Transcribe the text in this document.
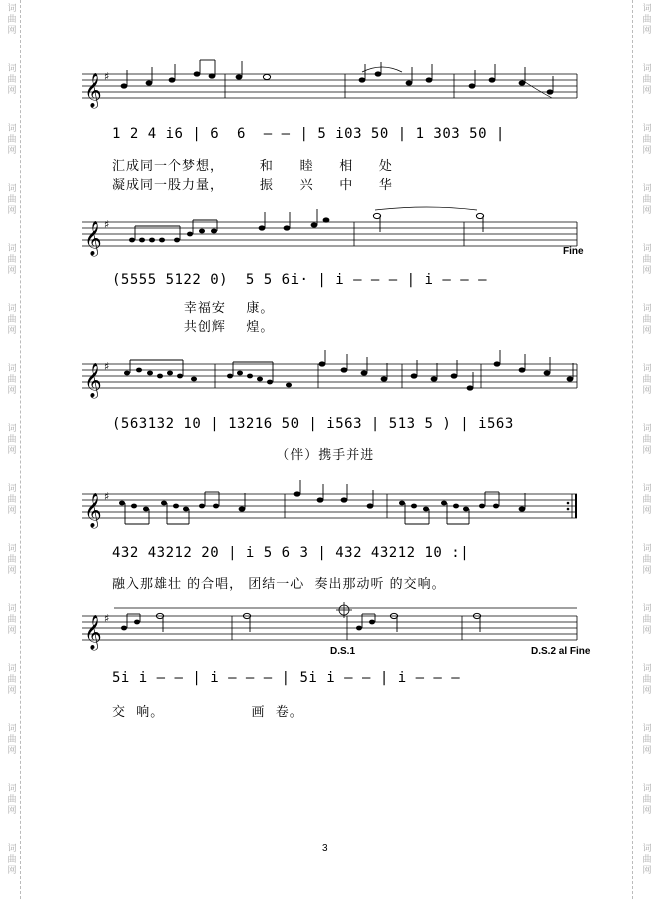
词
曲
网
词
曲
网
词
曲
网
词
曲
网
词
曲
网
词
曲
网
词
曲
网
词
曲
网
词
曲
网
词
曲
网
词
曲
网
词
曲
网
词
曲
网
词
曲
网
词
曲
网
词
曲
网
词
曲
网
词
曲
网
词
曲
网
词
曲
网
词
曲
网
词
曲
网
词
曲
网
词
曲
网
词
曲
网
词
曲
网
词
曲
网
词
曲
网
词
曲
网
词
曲
网
𝄞 ♯
1 2 4 i6 | 6  6  – – | 5 i03 50 | 1 303 50 |
汇成同一个梦想，       和     睦     相     处
凝成同一股力量，       振     兴     中     华
𝄞 ♯
Fine
(5555 5122 0)  5 5 6i· | i – – – | i – – –
幸福安    康。
共创辉    煌。
𝄞 ♯
(563132 10 | 13216 50 | i563 | 513 5 ) | i563
（伴）携手并进
𝄞 ♯
432 43212 20 | i 5 6 3 | 432 43212 10 :|
融入那雄壮 的合唱， 团结一心  奏出那动听 的交响。
𝄞 ♯
D.S.1	D.S.2 al Fine
5i i – – | i – – – | 5i i – – | i – – –
交  响。                 画  卷。
3
